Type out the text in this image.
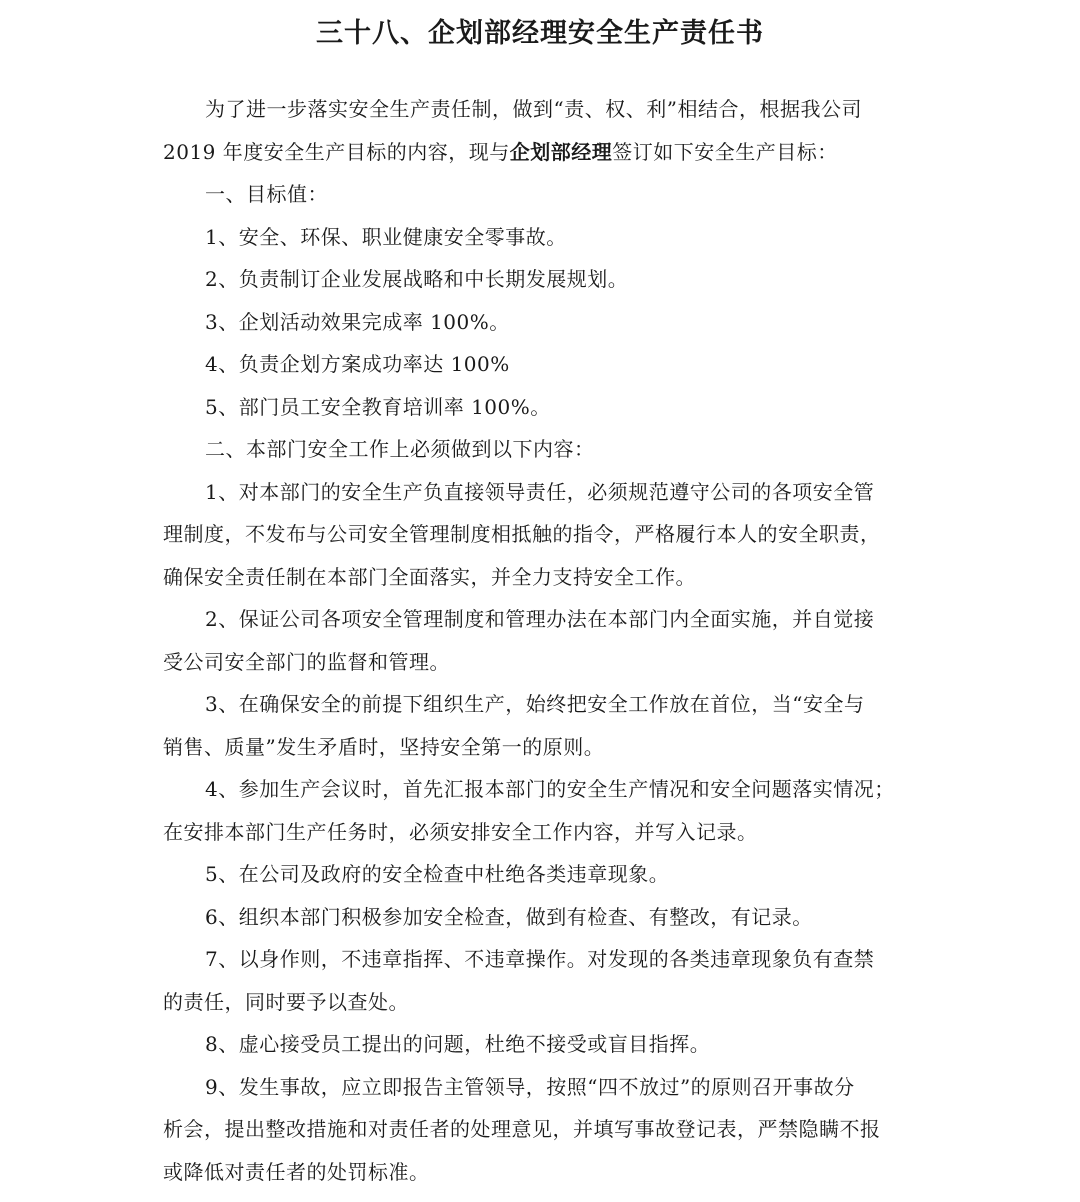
三十八、企划部经理安全生产责任书
为了进一步落实安全生产责任制，做到“责、权、利”相结合，根据我公司
2019 年度安全生产目标的内容，现与企划部经理签订如下安全生产目标：
一、目标值：
1、安全、环保、职业健康安全零事故。
2、负责制订企业发展战略和中长期发展规划。
3、企划活动效果完成率 100%。
4、负责企划方案成功率达 100%
5、部门员工安全教育培训率 100%。
二、本部门安全工作上必须做到以下内容：
1、对本部门的安全生产负直接领导责任，必须规范遵守公司的各项安全管
理制度，不发布与公司安全管理制度相抵触的指令，严格履行本人的安全职责，
确保安全责任制在本部门全面落实，并全力支持安全工作。
2、保证公司各项安全管理制度和管理办法在本部门内全面实施，并自觉接
受公司安全部门的监督和管理。
3、在确保安全的前提下组织生产，始终把安全工作放在首位，当“安全与
销售、质量”发生矛盾时，坚持安全第一的原则。
4、参加生产会议时，首先汇报本部门的安全生产情况和安全问题落实情况；
在安排本部门生产任务时，必须安排安全工作内容，并写入记录。
5、在公司及政府的安全检查中杜绝各类违章现象。
6、组织本部门积极参加安全检查，做到有检查、有整改，有记录。
7、以身作则，不违章指挥、不违章操作。对发现的各类违章现象负有查禁
的责任，同时要予以查处。
8、虚心接受员工提出的问题，杜绝不接受或盲目指挥。
9、发生事故，应立即报告主管领导，按照“四不放过”的原则召开事故分
析会，提出整改措施和对责任者的处理意见，并填写事故登记表，严禁隐瞒不报
或降低对责任者的处罚标准。
